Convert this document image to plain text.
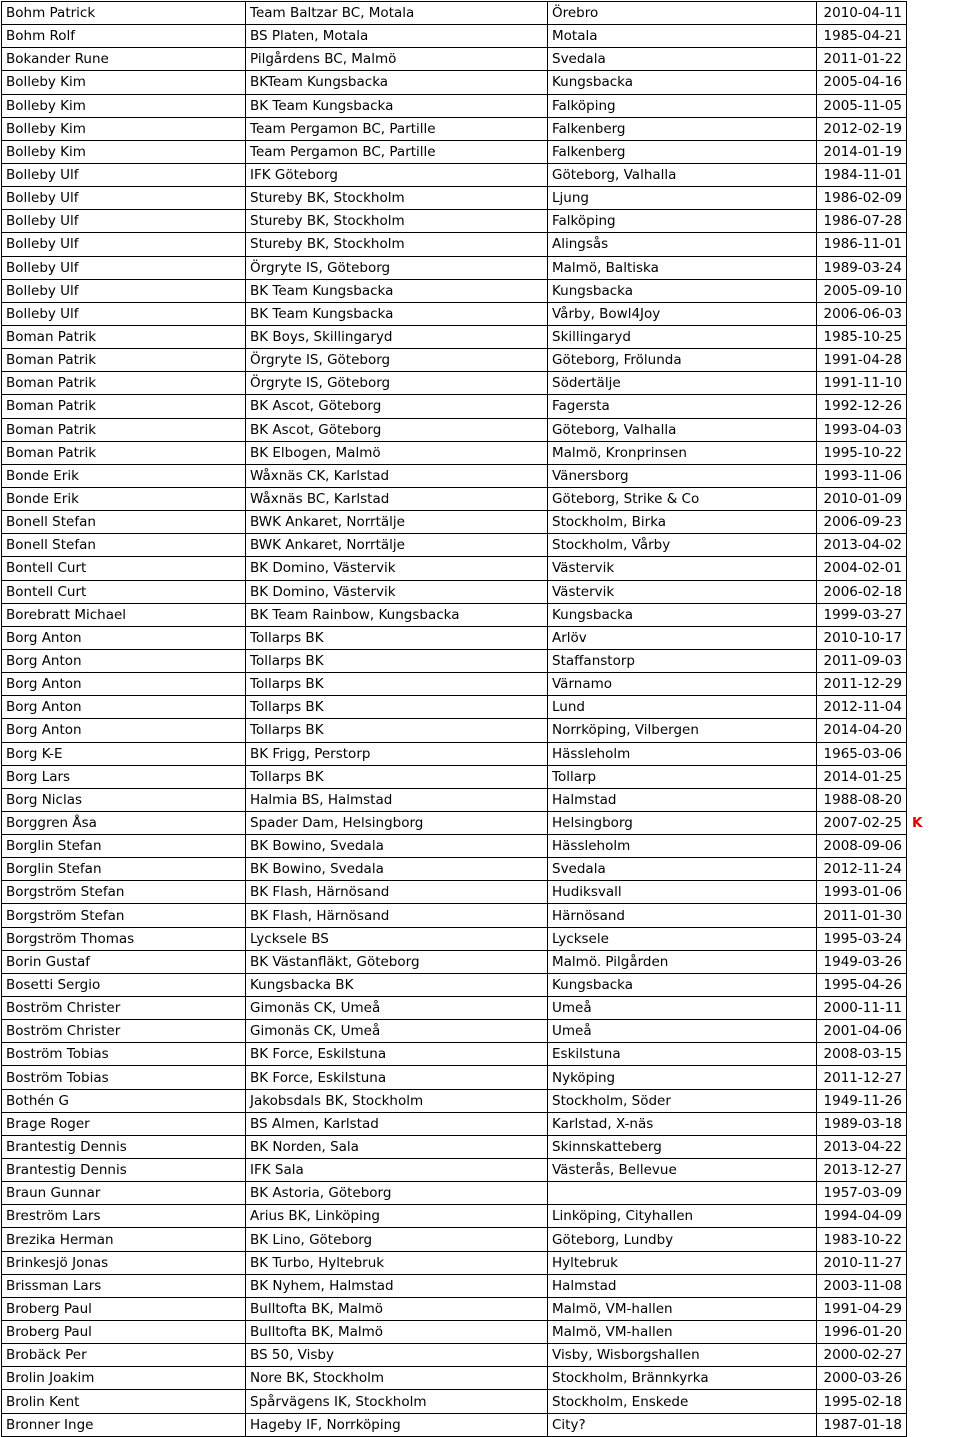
Bohm Patrick	Team Baltzar BC, Motala	Örebro	2010-04-11	
Bohm Rolf	BS Platen, Motala	Motala	1985-04-21	
Bokander Rune	Pilgårdens BC, Malmö	Svedala	2011-01-22	
Bolleby Kim	BKTeam Kungsbacka	Kungsbacka	2005-04-16	
Bolleby Kim	BK Team Kungsbacka	Falköping	2005-11-05	
Bolleby Kim	Team Pergamon BC, Partille	Falkenberg	2012-02-19	
Bolleby Kim	Team Pergamon BC, Partille	Falkenberg	2014-01-19	
Bolleby Ulf	IFK Göteborg	Göteborg, Valhalla	1984-11-01	
Bolleby Ulf	Stureby BK, Stockholm	Ljung	1986-02-09	
Bolleby Ulf	Stureby BK, Stockholm	Falköping	1986-07-28	
Bolleby Ulf	Stureby BK, Stockholm	Alingsås	1986-11-01	
Bolleby Ulf	Örgryte IS, Göteborg	Malmö, Baltiska	1989-03-24	
Bolleby Ulf	BK Team Kungsbacka	Kungsbacka	2005-09-10	
Bolleby Ulf	BK Team Kungsbacka	Vårby, Bowl4Joy	2006-06-03	
Boman Patrik	BK Boys, Skillingaryd	Skillingaryd	1985-10-25	
Boman Patrik	Örgryte IS, Göteborg	Göteborg, Frölunda	1991-04-28	
Boman Patrik	Örgryte IS, Göteborg	Södertälje	1991-11-10	
Boman Patrik	BK Ascot, Göteborg	Fagersta	1992-12-26	
Boman Patrik	BK Ascot, Göteborg	Göteborg, Valhalla	1993-04-03	
Boman Patrik	BK Elbogen, Malmö	Malmö, Kronprinsen	1995-10-22	
Bonde Erik	Wåxnäs CK, Karlstad	Vänersborg	1993-11-06	
Bonde Erik	Wåxnäs BC, Karlstad	Göteborg, Strike & Co	2010-01-09	
Bonell Stefan	BWK Ankaret, Norrtälje	Stockholm, Birka	2006-09-23	
Bonell Stefan	BWK Ankaret, Norrtälje	Stockholm, Vårby	2013-04-02	
Bontell Curt	BK Domino, Västervik	Västervik	2004-02-01	
Bontell Curt	BK Domino, Västervik	Västervik	2006-02-18	
Borebratt Michael	BK Team Rainbow, Kungsbacka	Kungsbacka	1999-03-27	
Borg Anton	Tollarps BK	Arlöv	2010-10-17	
Borg Anton	Tollarps BK	Staffanstorp	2011-09-03	
Borg Anton	Tollarps BK	Värnamo	2011-12-29	
Borg Anton	Tollarps BK	Lund	2012-11-04	
Borg Anton	Tollarps BK	Norrköping, Vilbergen	2014-04-20	
Borg K-E	BK Frigg, Perstorp	Hässleholm	1965-03-06	
Borg Lars	Tollarps BK	Tollarp	2014-01-25	
Borg Niclas	Halmia BS, Halmstad	Halmstad	1988-08-20	
Borggren Åsa	Spader Dam, Helsingborg	Helsingborg	2007-02-25	K
Borglin Stefan	BK Bowino, Svedala	Hässleholm	2008-09-06	
Borglin Stefan	BK Bowino, Svedala	Svedala	2012-11-24	
Borgström Stefan	BK Flash, Härnösand	Hudiksvall	1993-01-06	
Borgström Stefan	BK Flash, Härnösand	Härnösand	2011-01-30	
Borgström Thomas	Lycksele BS	Lycksele	1995-03-24	
Borin Gustaf	BK Västanfläkt, Göteborg	Malmö. Pilgården	1949-03-26	
Bosetti Sergio	Kungsbacka BK	Kungsbacka	1995-04-26	
Boström Christer	Gimonäs CK, Umeå	Umeå	2000-11-11	
Boström Christer	Gimonäs CK, Umeå	Umeå	2001-04-06	
Boström Tobias	BK Force, Eskilstuna	Eskilstuna	2008-03-15	
Boström Tobias	BK Force, Eskilstuna	Nyköping	2011-12-27	
Bothén G	Jakobsdals BK, Stockholm	Stockholm, Söder	1949-11-26	
Brage Roger	BS Almen, Karlstad	Karlstad, X-näs	1989-03-18	
Brantestig Dennis	BK Norden, Sala	Skinnskatteberg	2013-04-22	
Brantestig Dennis	IFK Sala	Västerås, Bellevue	2013-12-27	
Braun Gunnar	BK Astoria, Göteborg		1957-03-09	
Breström Lars	Arius BK, Linköping	Linköping, Cityhallen	1994-04-09	
Brezika Herman	BK Lino, Göteborg	Göteborg, Lundby	1983-10-22	
Brinkesjö Jonas	BK Turbo, Hyltebruk	Hyltebruk	2010-11-27	
Brissman Lars	BK Nyhem, Halmstad	Halmstad	2003-11-08	
Broberg Paul	Bulltofta BK, Malmö	Malmö, VM-hallen	1991-04-29	
Broberg Paul	Bulltofta BK, Malmö	Malmö, VM-hallen	1996-01-20	
Brobäck Per	BS 50, Visby	Visby, Wisborgshallen	2000-02-27	
Brolin Joakim	Nore BK, Stockholm	Stockholm, Brännkyrka	2000-03-26	
Brolin Kent	Spårvägens IK, Stockholm	Stockholm, Enskede	1995-02-18	
Bronner Inge	Hageby IF, Norrköping	City?	1987-01-18	
